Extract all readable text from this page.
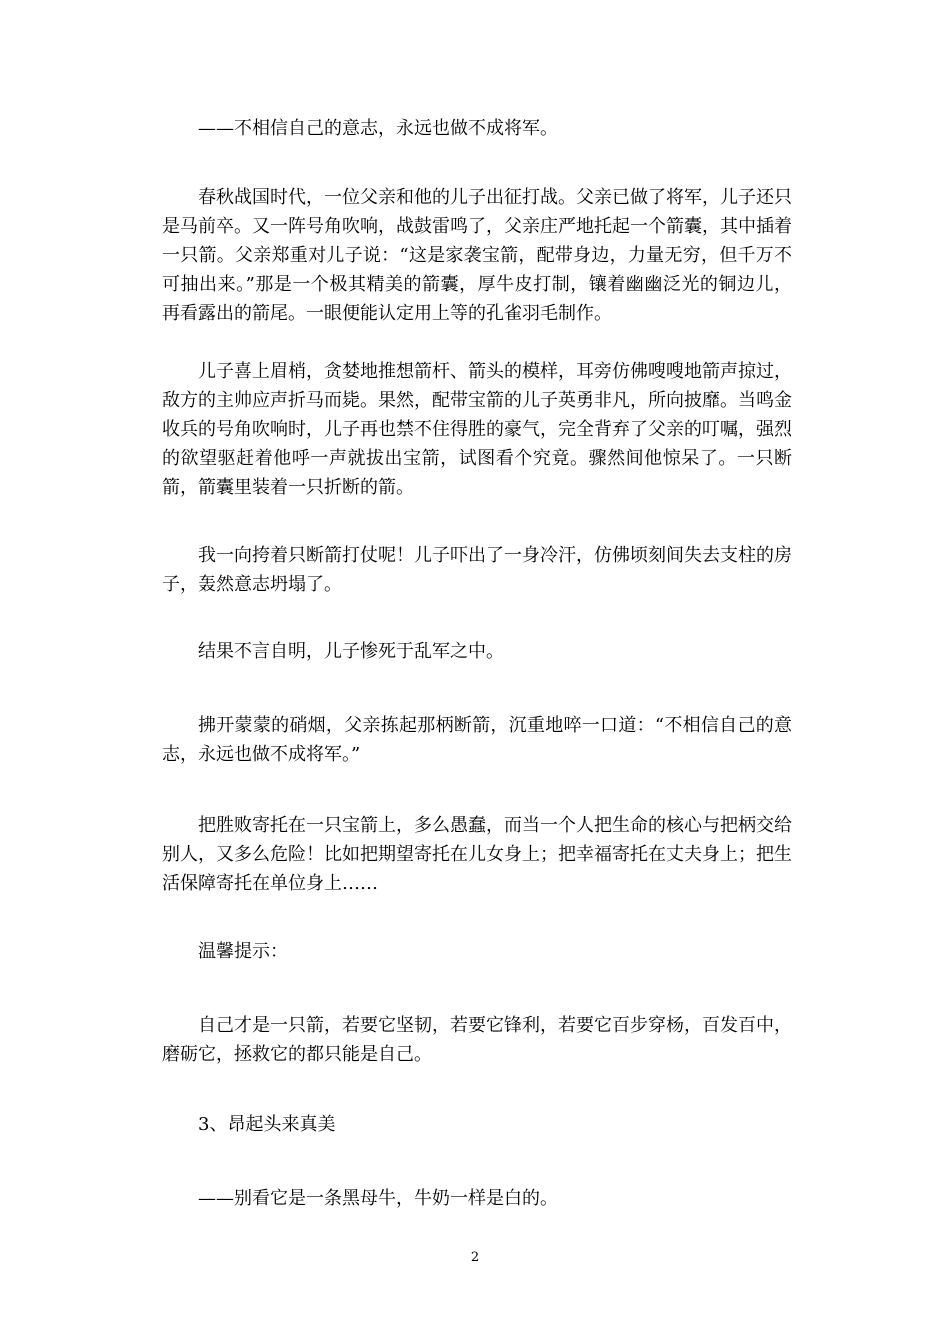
——不相信自己的意志，永远也做不成将军。

春秋战国时代，一位父亲和他的儿子出征打战。父亲已做了将军，儿子还只是马前卒。又一阵号角吹响，战鼓雷鸣了，父亲庄严地托起一个箭囊，其中插着一只箭。父亲郑重对儿子说：“这是家袭宝箭，配带身边，力量无穷，但千万不可抽出来。”那是一个极其精美的箭囊，厚牛皮打制，镶着幽幽泛光的铜边儿，再看露出的箭尾。一眼便能认定用上等的孔雀羽毛制作。

儿子喜上眉梢，贪婪地推想箭杆、箭头的模样，耳旁仿佛嗖嗖地箭声掠过，敌方的主帅应声折马而毙。果然，配带宝箭的儿子英勇非凡，所向披靡。当鸣金收兵的号角吹响时，儿子再也禁不住得胜的豪气，完全背弃了父亲的叮嘱，强烈的欲望驱赶着他呼一声就拔出宝箭，试图看个究竟。骤然间他惊呆了。一只断箭，箭囊里装着一只折断的箭。

我一向挎着只断箭打仗呢！儿子吓出了一身冷汗，仿佛顷刻间失去支柱的房子，轰然意志坍塌了。

结果不言自明，儿子惨死于乱军之中。

拂开蒙蒙的硝烟，父亲拣起那柄断箭，沉重地啐一口道：“不相信自己的意志，永远也做不成将军。”

把胜败寄托在一只宝箭上，多么愚蠢，而当一个人把生命的核心与把柄交给别人，又多么危险！比如把期望寄托在儿女身上；把幸福寄托在丈夫身上；把生活保障寄托在单位身上……

温馨提示：

自己才是一只箭，若要它坚韧，若要它锋利，若要它百步穿杨，百发百中，磨砺它，拯救它的都只能是自己。

3、昂起头来真美

——别看它是一条黑母牛，牛奶一样是白的。

2
